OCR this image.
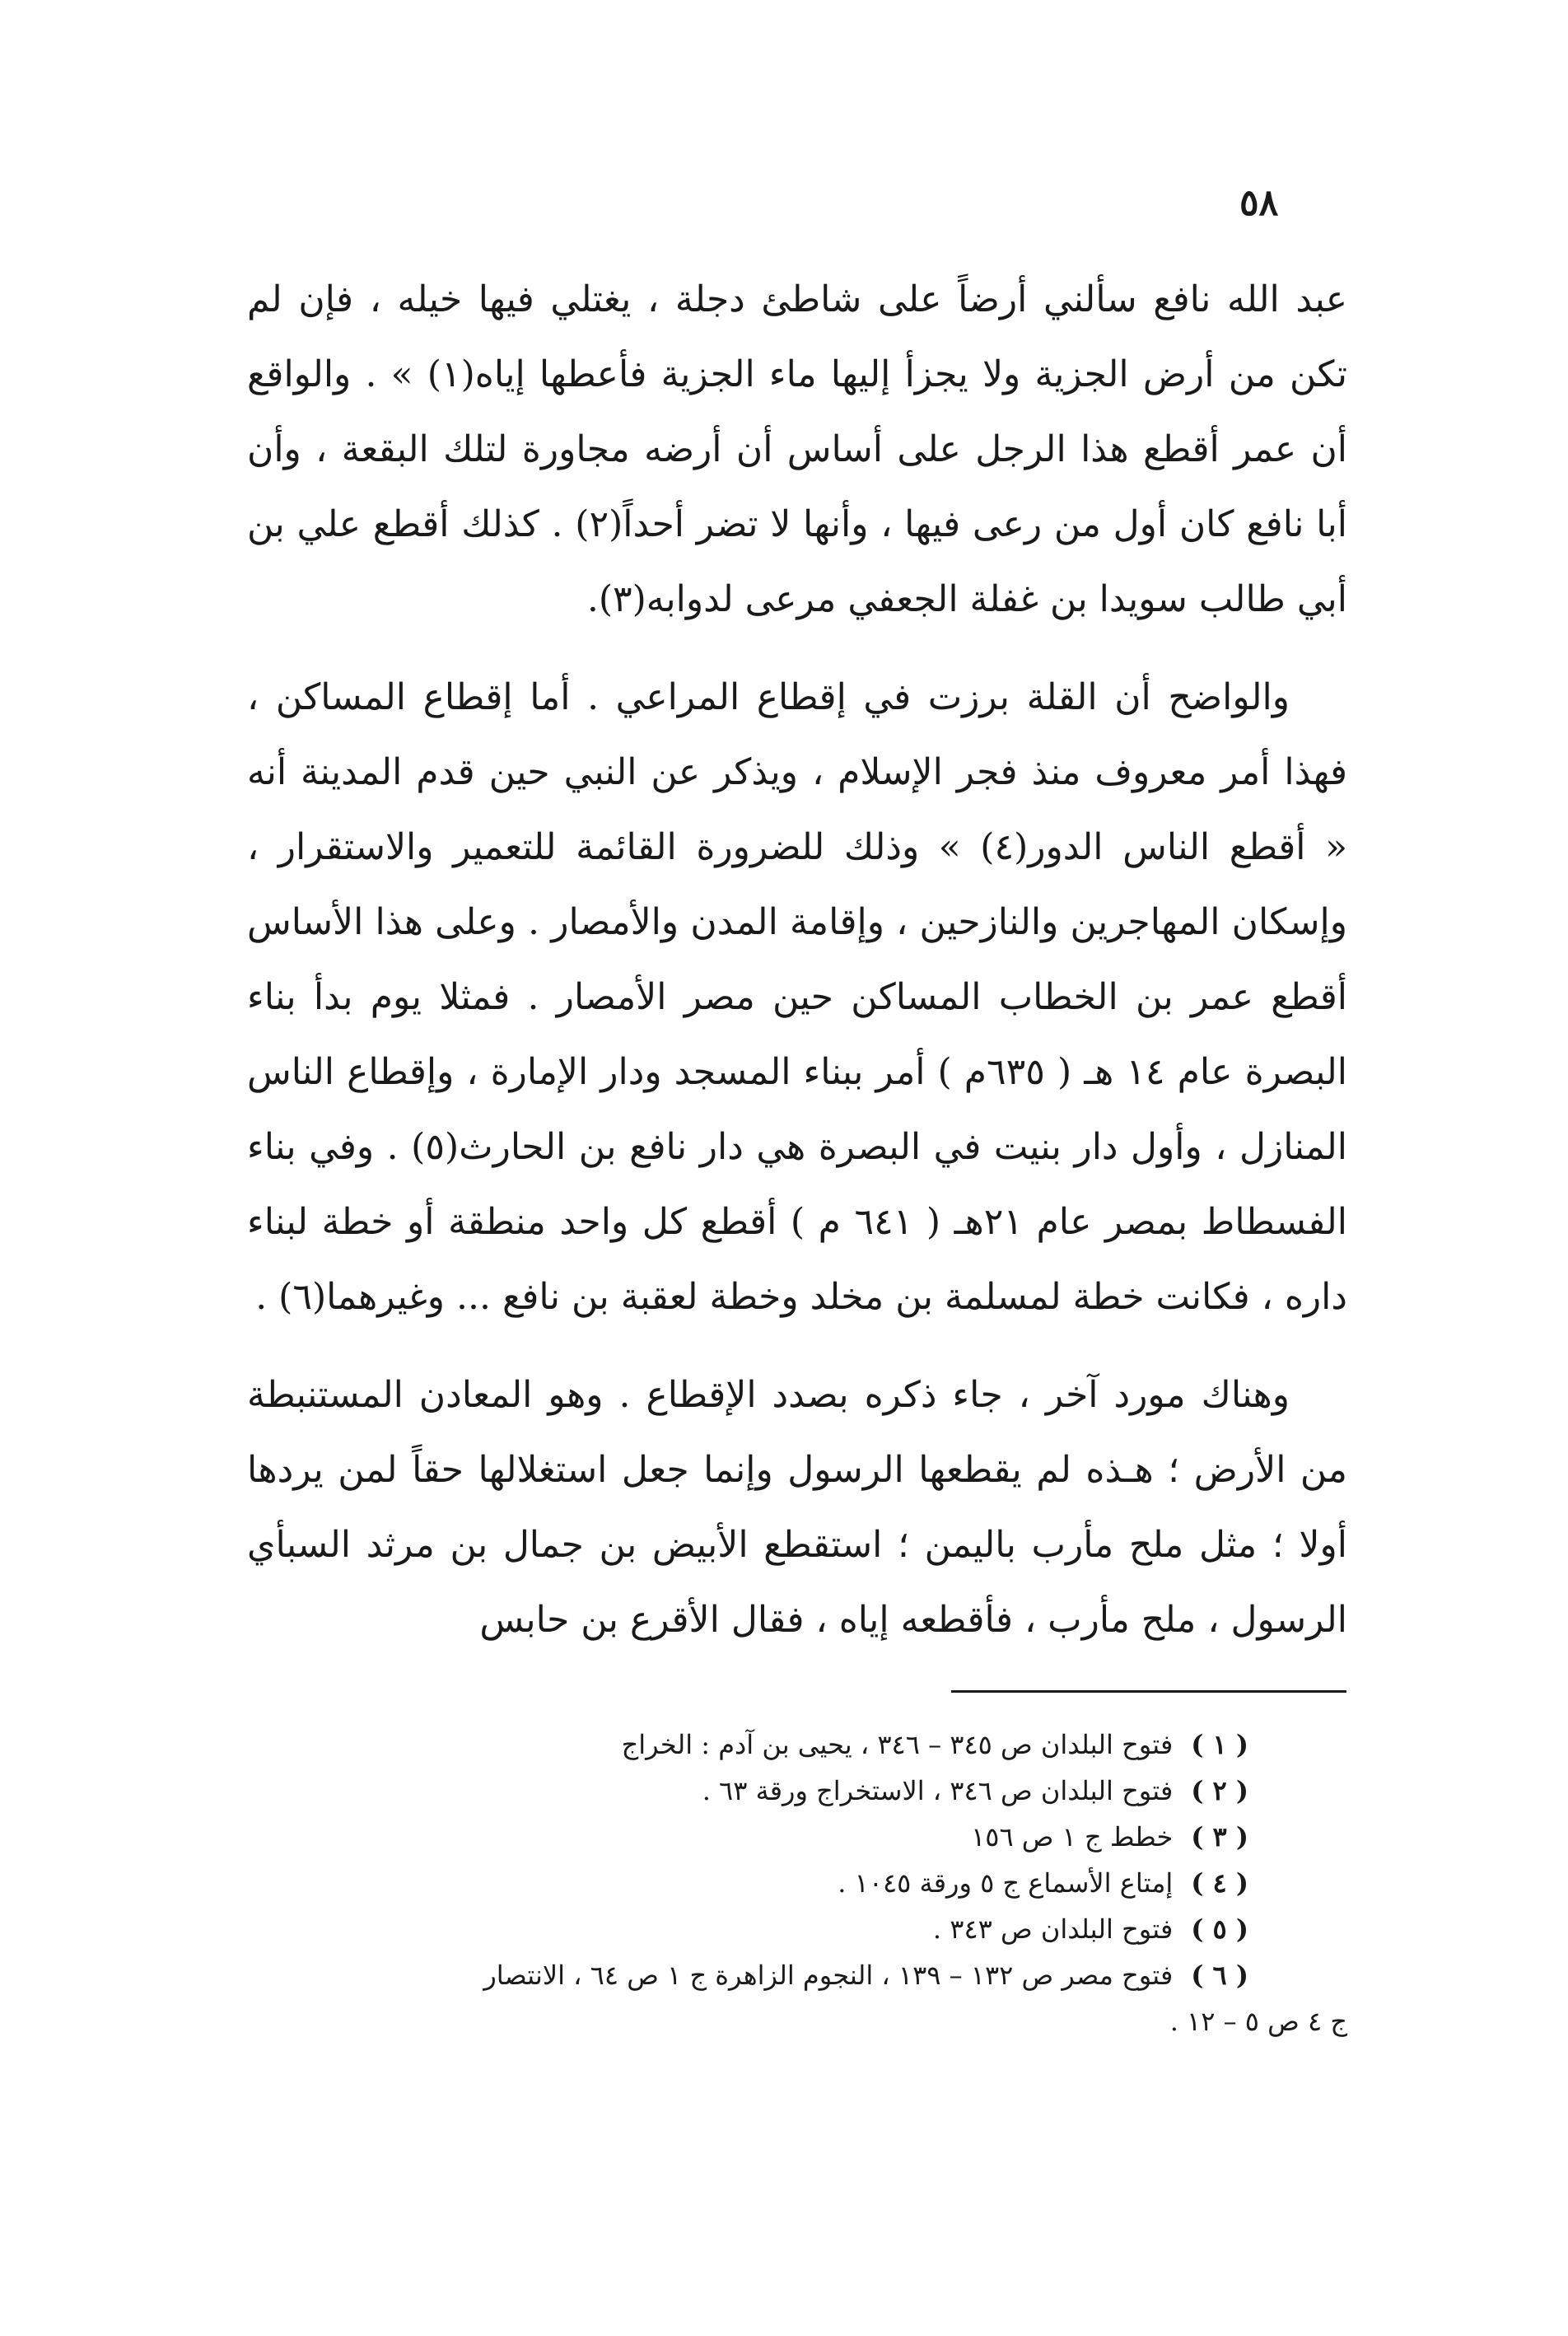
٥٨

عبد الله نافع سألني أرضاً على شاطئ دجلة ، يغتلي فيها خيله ، فإن لم تكن من أرض الجزية ولا يجزأ إليها ماء الجزية فأعطها إياه(١) » . والواقع أن عمر أقطع هذا الرجل على أساس أن أرضه مجاورة لتلك البقعة ، وأن أبا نافع كان أول من رعى فيها ، وأنها لا تضر أحداً(٢) . كذلك أقطع علي بن أبي طالب سويدا بن غفلة الجعفي مرعى لدوابه(٣).

والواضح أن القلة برزت في إقطاع المراعي . أما إقطاع المساكن ، فهذا أمر معروف منذ فجر الإسلام ، ويذكر عن النبي حين قدم المدينة أنه « أقطع الناس الدور(٤) » وذلك للضرورة القائمة للتعمير والاستقرار ، وإسكان المهاجرين والنازحين ، وإقامة المدن والأمصار . وعلى هذا الأساس أقطع عمر بن الخطاب المساكن حين مصر الأمصار . فمثلا يوم بدأ بناء البصرة عام ١٤ هـ ( ٦٣٥م ) أمر ببناء المسجد ودار الإمارة ، وإقطاع الناس المنازل ، وأول دار بنيت في البصرة هي دار نافع بن الحارث(٥) . وفي بناء الفسطاط بمصر عام ٢١هـ ( ٦٤١ م ) أقطع كل واحد منطقة أو خطة لبناء داره ، فكانت خطة لمسلمة بن مخلد وخطة لعقبة بن نافع ... وغيرهما(٦) .

وهناك مورد آخر ، جاء ذكره بصدد الإقطاع . وهو المعادن المستنبطة من الأرض ؛ هـذه لم يقطعها الرسول وإنما جعل استغلالها حقاً لمن يردها أولا ؛ مثل ملح مأرب باليمن ؛ استقطع الأبيض بن جمال بن مرثد السبأي الرسول ، ملح مأرب ، فأقطعه إياه ، فقال الأقرع بن حابس

( ١ )
فتوح البلدان ص ٣٤٥ – ٣٤٦ ، يحيى بن آدم : الخراج
( ٢ )
فتوح البلدان ص ٣٤٦ ، الاستخراج ورقة ٦٣ .
( ٣ )
خطط ج ١ ص ١٥٦
( ٤ )
إمتاع الأسماع ج ٥ ورقة ١٠٤٥ .
( ٥ )
فتوح البلدان ص ٣٤٣ .
( ٦ )
فتوح مصر ص ١٣٢ – ١٣٩ ، النجوم الزاهرة ج ١ ص ٦٤ ، الانتصار
ج ٤ ص ٥ – ١٢ .
